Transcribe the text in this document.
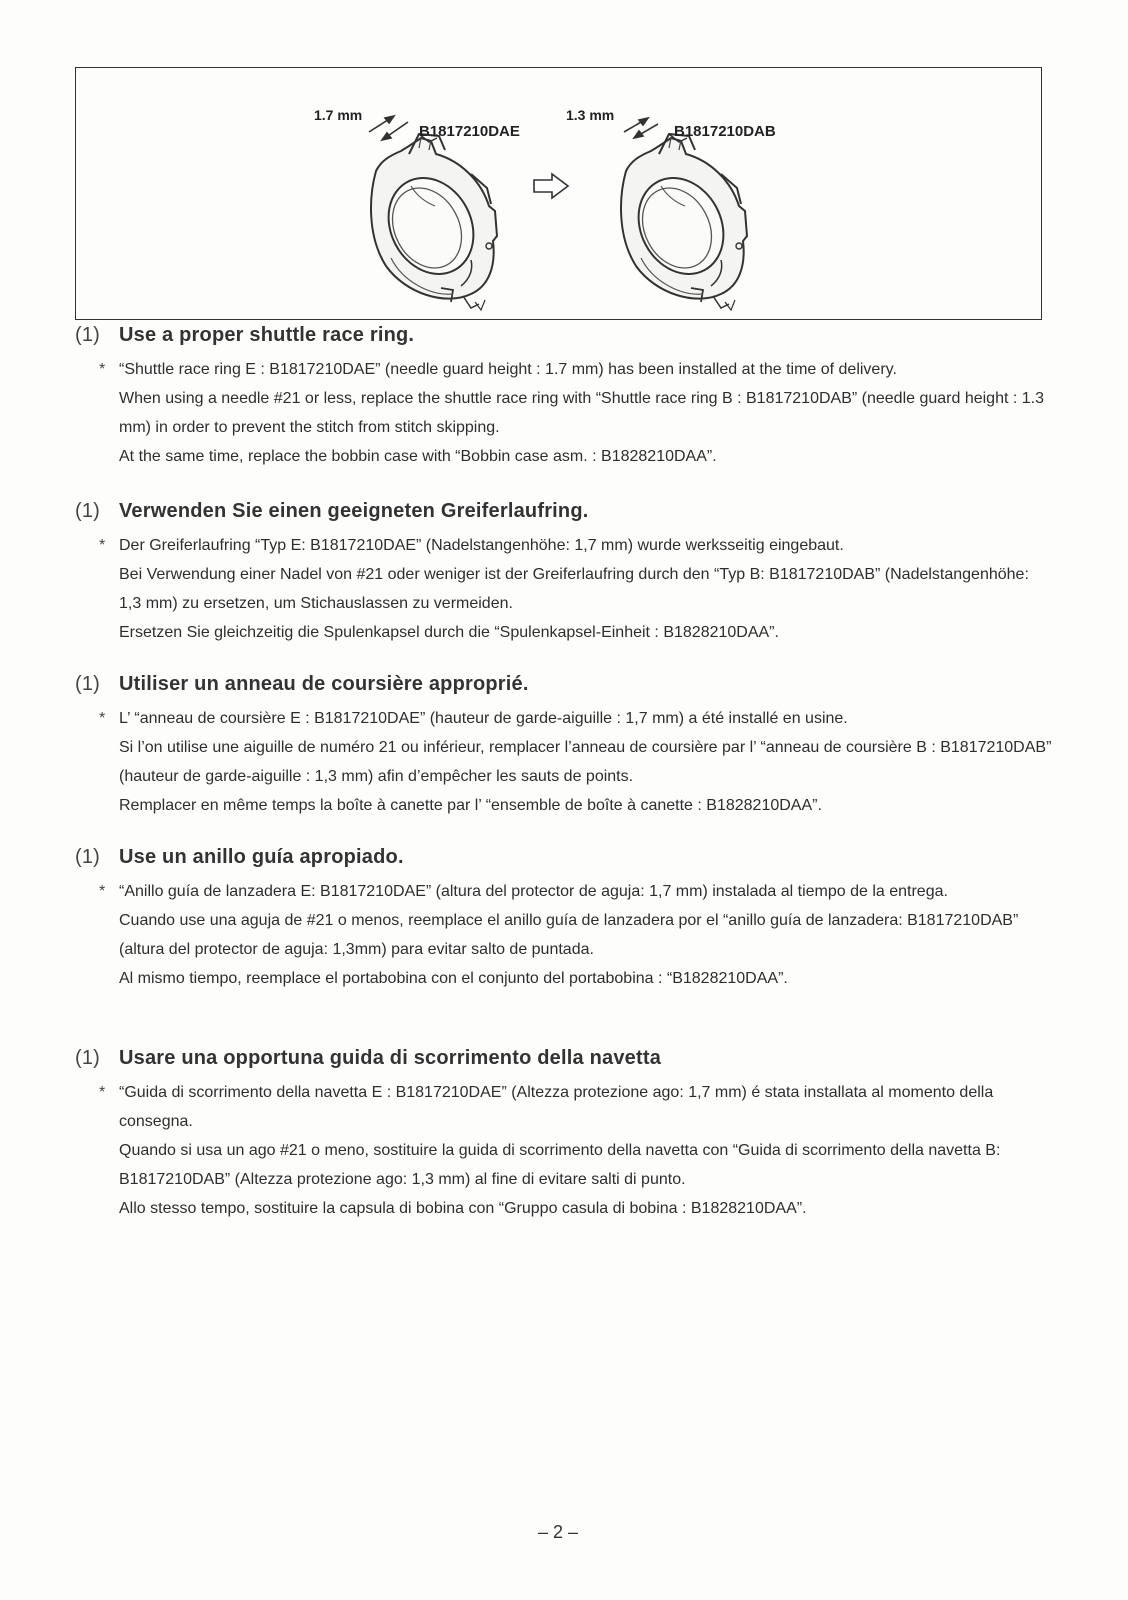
1.7 mm
B1817210DAE
1.3 mm
B1817210DAB
(1) Use a proper shuttle race ring.
* “Shuttle race ring E : B1817210DAE” (needle guard height : 1.7 mm) has been installed at the time of delivery.

When using a needle #21 or less, replace the shuttle race ring with “Shuttle race ring B : B1817210DAB” (needle guard height : 1.3 mm) in order to prevent the stitch from stitch skipping.

At the same time, replace the bobbin case with “Bobbin case asm. : B1828210DAA”.

(1) Verwenden Sie einen geeigneten Greiferlaufring.
* Der Greiferlaufring “Typ E: B1817210DAE” (Nadelstangenhöhe: 1,7 mm) wurde werksseitig eingebaut.

Bei Verwendung einer Nadel von #21 oder weniger ist der Greiferlaufring durch den “Typ B: B1817210DAB” (Nadelstangenhöhe: 1,3 mm) zu ersetzen, um Stichauslassen zu vermeiden.

Ersetzen Sie gleichzeitig die Spulenkapsel durch die “Spulenkapsel-Einheit : B1828210DAA”.

(1) Utiliser un anneau de coursière approprié.
* L’ “anneau de coursière E : B1817210DAE” (hauteur de garde-aiguille : 1,7 mm) a été installé en usine.

Si l’on utilise une aiguille de numéro 21 ou inférieur, remplacer l’anneau de coursière par l’ “anneau de coursière B : B1817210DAB” (hauteur de garde-aiguille : 1,3 mm) afin d’empêcher les sauts de points.

Remplacer en même temps la boîte à canette par l’ “ensemble de boîte à canette : B1828210DAA”.

(1) Use un anillo guía apropiado.
* “Anillo guía de lanzadera E: B1817210DAE” (altura del protector de aguja: 1,7 mm) instalada al tiempo de la entrega.

Cuando use una aguja de #21 o menos, reemplace el anillo guía de lanzadera por el “anillo guía de lanzadera: B1817210DAB” (altura del protector de aguja: 1,3mm) para evitar salto de puntada.

Al mismo tiempo, reemplace el portabobina con el conjunto del portabobina : “B1828210DAA”.

(1) Usare una opportuna guida di scorrimento della navetta
* “Guida di scorrimento della navetta E : B1817210DAE” (Altezza protezione ago: 1,7 mm) é stata installata al momento della consegna.

Quando si usa un ago #21 o meno, sostituire la guida di scorrimento della navetta con “Guida di scorrimento della navetta B: B1817210DAB” (Altezza protezione ago: 1,3 mm) al fine di evitare salti di punto.

Allo stesso tempo, sostituire la capsula di bobina con “Gruppo casula di bobina : B1828210DAA”.

– 2 –
